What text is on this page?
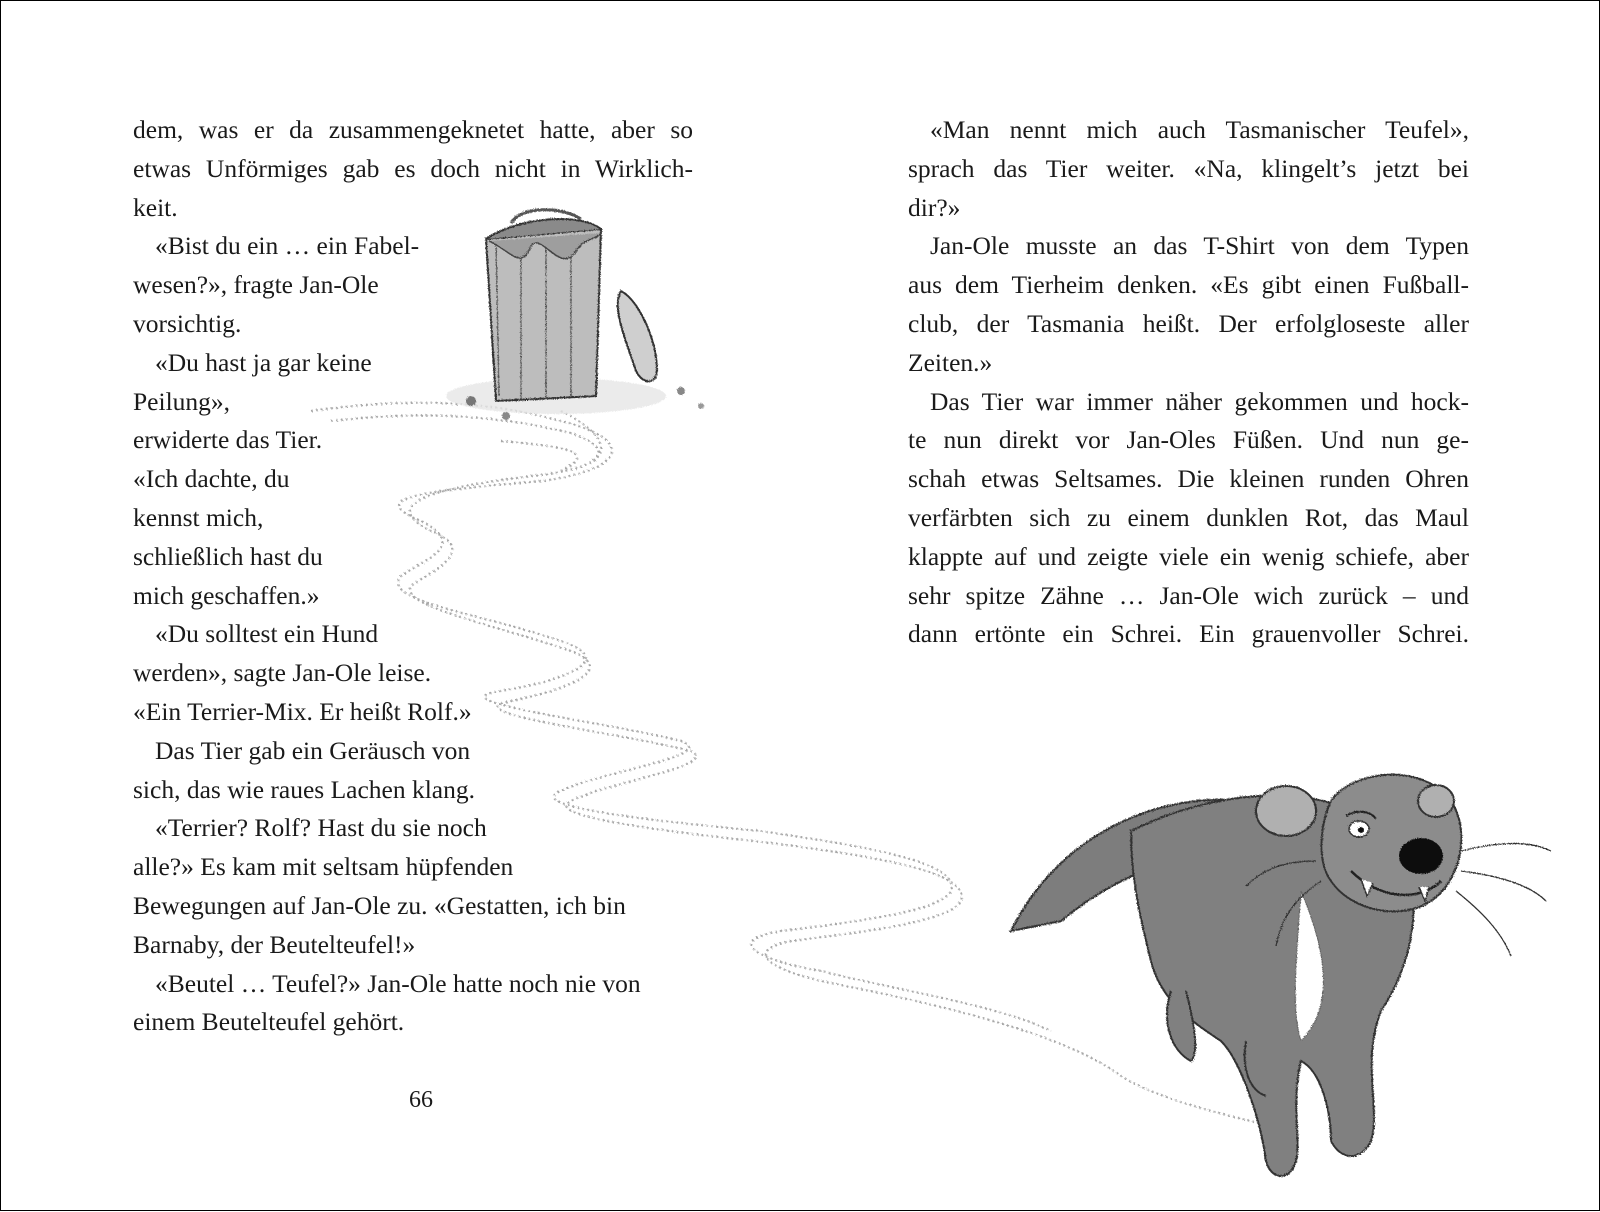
dem, was er da zusammengeknetet hatte, aber so
etwas Unförmiges gab es doch nicht in Wirklich-
keit.
«Bist du ein … ein Fabel-
wesen?», fragte Jan-Ole
vorsichtig.
«Du hast ja gar keine
Peilung»,
erwiderte das Tier.
«Ich dachte, du
kennst mich,
schließlich hast du
mich geschaffen.»
«Du solltest ein Hund
werden», sagte Jan-Ole leise.
«Ein Terrier-Mix. Er heißt Rolf.»
Das Tier gab ein Geräusch von
sich, das wie raues Lachen klang.
«Terrier? Rolf? Hast du sie noch
alle?» Es kam mit seltsam hüpfenden
Bewegungen auf Jan-Ole zu. «Gestatten, ich bin
Barnaby, der Beutelteufel!»
«Beutel … Teufel?» Jan-Ole hatte noch nie von
einem Beutelteufel gehört.
66
«Man nennt mich auch Tasmanischer Teufel»,
sprach das Tier weiter. «Na, klingelt’s jetzt bei
dir?»
Jan-Ole musste an das T-Shirt von dem Typen
aus dem Tierheim denken. «Es gibt einen Fußball-
club, der Tasmania heißt. Der erfolgloseste aller
Zeiten.»
Das Tier war immer näher gekommen und hock-
te nun direkt vor Jan-Oles Füßen. Und nun ge-
schah etwas Seltsames. Die kleinen runden Ohren
verfärbten sich zu einem dunklen Rot, das Maul
klappte auf und zeigte viele ein wenig schiefe, aber
sehr spitze Zähne … Jan-Ole wich zurück – und
dann ertönte ein Schrei. Ein grauenvoller Schrei.
